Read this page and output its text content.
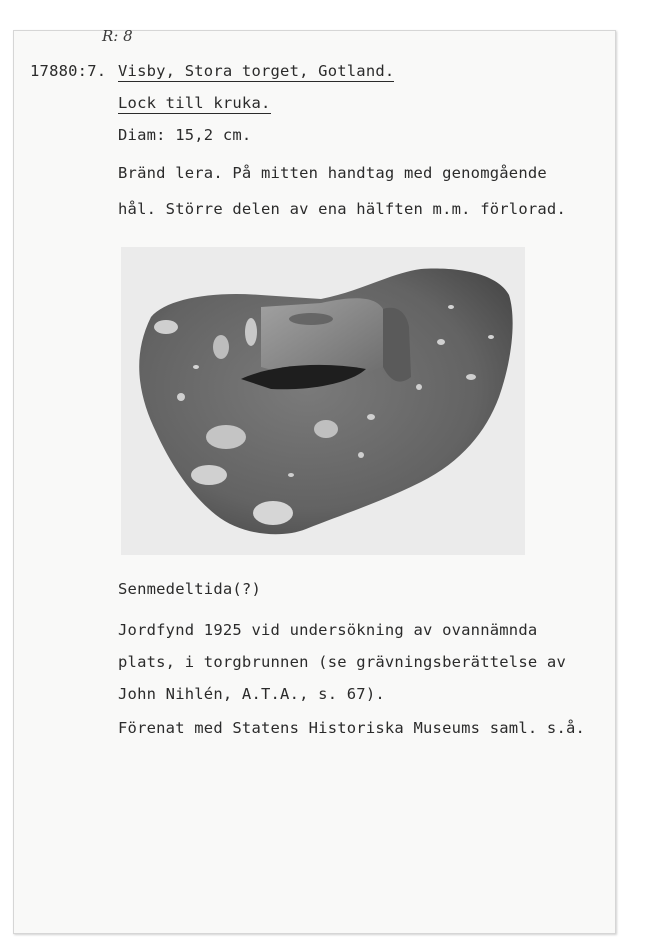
R: 8
17880:7. Visby, Stora torget, Gotland.
Lock till kruka.
Diam: 15,2 cm.
Bränd lera. På mitten handtag med genomgående
hål. Större delen av ena hälften m.m. förlorad.
Senmedeltida(?)
Jordfynd 1925 vid undersökning av ovannämnda
plats, i torgbrunnen (se grävningsberättelse av
John Nihlén, A.T.A., s. 67).
Förenat med Statens Historiska Museums saml. s.å.
